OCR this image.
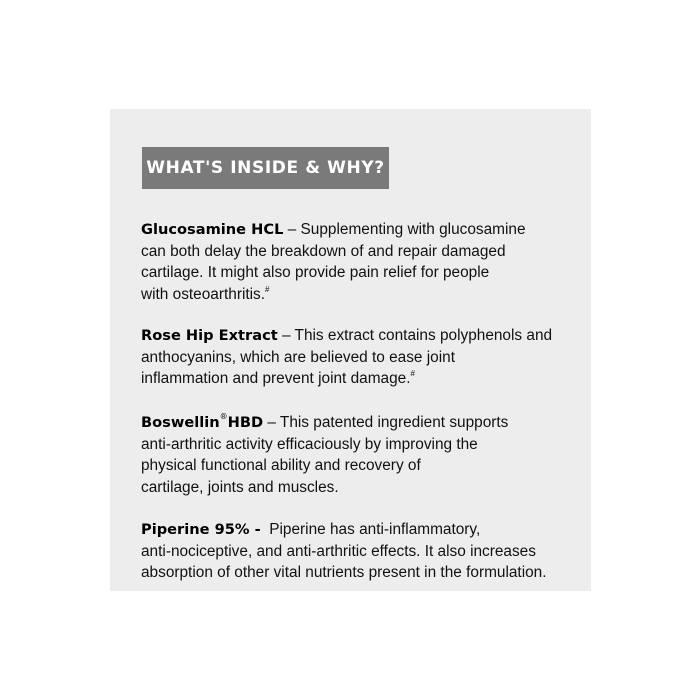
WHAT'S INSIDE & WHY?
Glucosamine HCL – Supplementing with glucosamine
can both delay the breakdown of and repair damaged
cartilage. It might also provide pain relief for people
with osteoarthritis.#
Rose Hip Extract – This extract contains polyphenols and
anthocyanins, which are believed to ease joint
inflammation and prevent joint damage.#
Boswellin®HBD – This patented ingredient supports
anti-arthritic activity efficaciously by improving the
physical functional ability and recovery of
cartilage, joints and muscles.
Piperine 95% - Piperine has anti-inflammatory,
anti-nociceptive, and anti-arthritic effects. It also increases
absorption of other vital nutrients present in the formulation.
